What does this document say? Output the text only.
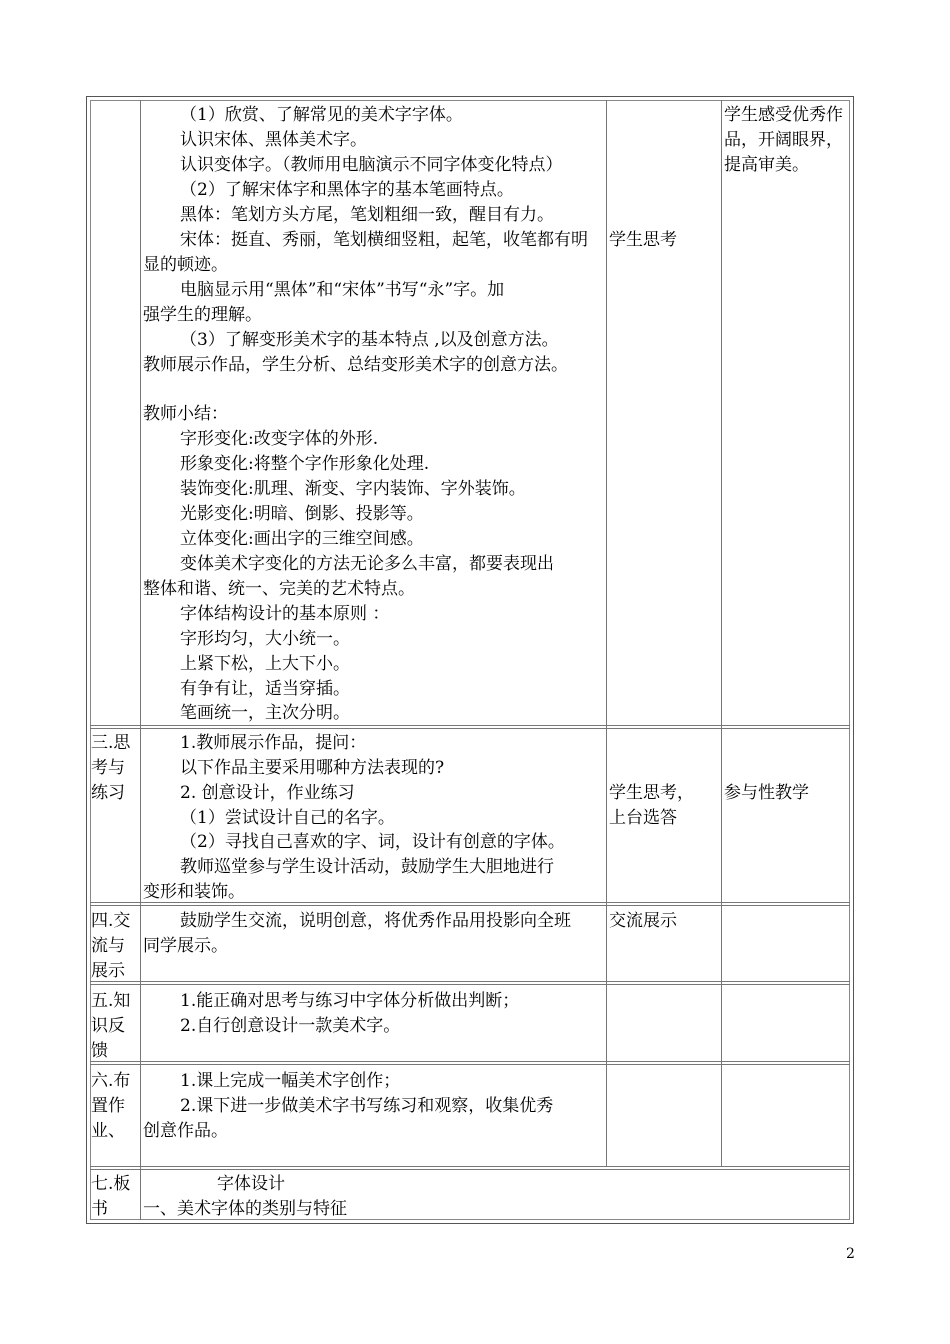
（1）欣赏、了解常见的美术字字体。
认识宋体、黑体美术字。
认识变体字。（教师用电脑演示不同字体变化特点）
（2）了解宋体字和黑体字的基本笔画特点。
黑体：笔划方头方尾，笔划粗细一致，醒目有力。
宋体：挺直、秀丽，笔划横细竖粗，起笔，收笔都有明
显的顿迹。
电脑显示用“黑体”和“宋体”书写“永”字。加
强学生的理解。
（3）了解变形美术字的基本特点 ,以及创意方法。
教师展示作品，学生分析、总结变形美术字的创意方法。
教师小结：
字形变化:改变字体的外形.
形象变化:将整个字作形象化处理.
装饰变化:肌理、渐变、字内装饰、字外装饰。
光影变化:明暗、倒影、投影等。
立体变化:画出字的三维空间感。
变体美术字变化的方法无论多么丰富，都要表现出
整体和谐、统一、完美的艺术特点。
字体结构设计的基本原则 ：
字形均匀，大小统一。
上紧下松，上大下小。
有争有让，适当穿插。
笔画统一，主次分明。
学生思考
学生感受优秀作品，开阔眼界，提高审美。
三.思考与练习
1.教师展示作品，提问：
以下作品主要采用哪种方法表现的?
2. 创意设计，作业练习
（1）尝试设计自己的名字。
（2）寻找自己喜欢的字、词，设计有创意的字体。
教师巡堂参与学生设计活动，鼓励学生大胆地进行
变形和装饰。
学生思考，上台选答
参与性教学
四.交流与展示
鼓励学生交流，说明创意，将优秀作品用投影向全班
同学展示。
交流展示
五.知识反馈
1.能正确对思考与练习中字体分析做出判断；
2.自行创意设计一款美术字。
六.布置作业、
1.课上完成一幅美术字创作；
2.课下进一步做美术字书写练习和观察，收集优秀
创意作品。
七.板书
字体设计
一、美术字体的类别与特征
2
